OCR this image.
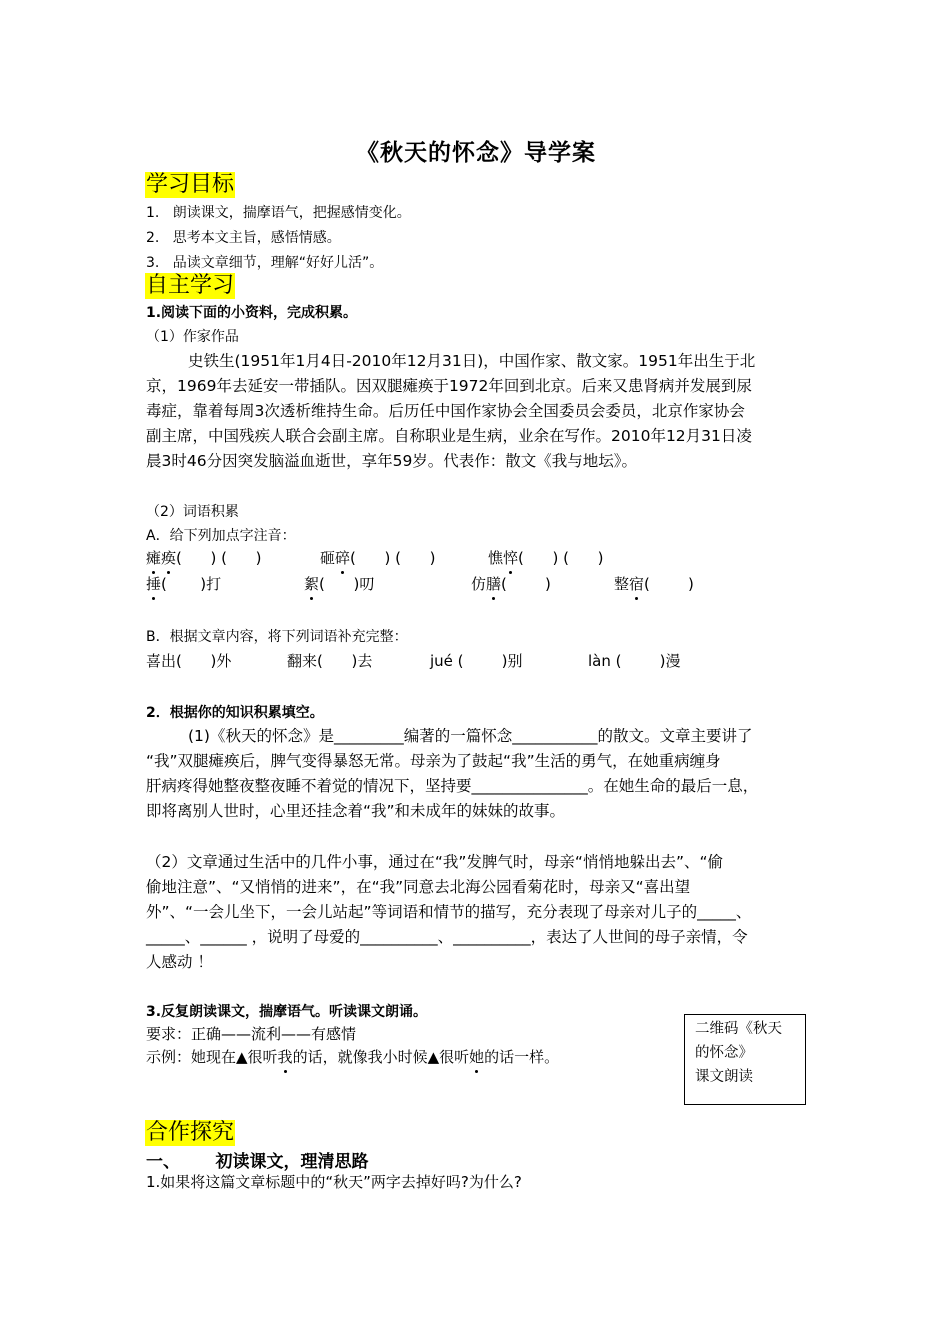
《秋天的怀念》导学案
学习目标
1.   朗读课文，揣摩语气，把握感情变化。
2.   思考本文主旨，感悟情感。
3.   品读文章细节，理解“好好儿活”。
自主学习
1.阅读下面的小资料，完成积累。
（1）作家作品
史铁生(1951年1月4日-2010年12月31日)，中国作家、散文家。1951年出生于北
京，1969年去延安一带插队。因双腿瘫痪于1972年回到北京。后来又患肾病并发展到尿
毒症，靠着每周3次透析维持生命。后历任中国作家协会全国委员会委员，北京作家协会
副主席，中国残疾人联合会副主席。自称职业是生病，业余在写作。2010年12月31日凌
晨3时46分因突发脑溢血逝世，享年59岁。代表作：散文《我与地坛》。
（2）词语积累
A．给下列加点字注音：
瘫痪(      ) (      )	砸碎(      ) (      )	憔悴(      ) (      )
捶(       )打	絮(      )叨	仿膳(        )	整宿(        )
B．根据文章内容，将下列词语补充完整：
喜出(      )外	翻来(      )去	jué (        )别	làn (        )漫
2．根据你的知识积累填空。
(1)《秋天的怀念》是_________编著的一篇怀念___________的散文。文章主要讲了
“我”双腿瘫痪后，脾气变得暴怒无常。母亲为了鼓起“我”生活的勇气，在她重病缠身
肝病疼得她整夜整夜睡不着觉的情况下，坚持要_______________。在她生命的最后一息，
即将离别人世时，心里还挂念着“我”和未成年的妹妹的故事。
（2）文章通过生活中的几件小事，通过在“我”发脾气时，母亲“悄悄地躲出去”、“偷
偷地注意”、“又悄悄的进来”，在“我”同意去北海公园看菊花时，母亲又“喜出望
外”、“一会儿坐下，一会儿站起”等词语和情节的描写，充分表现了母亲对儿子的_____、
_____、______ ，说明了母爱的__________、__________，表达了人世间的母子亲情，令
人感动 ！
3.反复朗读课文，揣摩语气。听读课文朗诵。
要求：正确——流利——有感情
示例：她现在▲很听我的话，就像我小时候▲很听她的话一样。
二维码《秋天
的怀念》
课文朗读
合作探究
一、      初读课文，理清思路
1.如果将这篇文章标题中的“秋天”两字去掉好吗?为什么?
